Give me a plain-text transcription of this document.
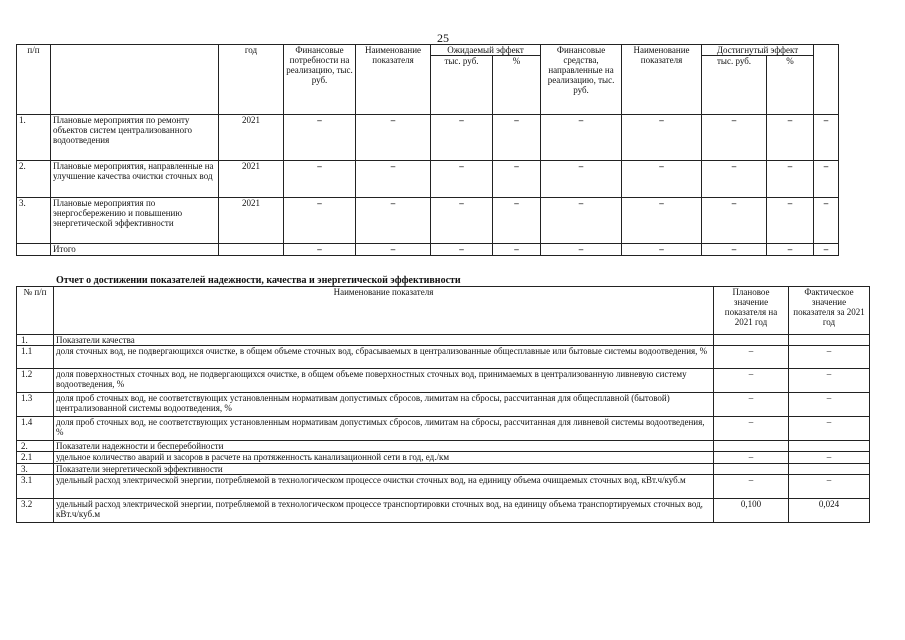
25
п/п		год	Финансовые потребности на реализацию, тыс. руб.	Наименование показателя	Ожидаемый эффект		Финансовые средства, направленные на реализацию, тыс. руб.	Наименование показателя	Достигнутый эффект		
					тыс. руб.	%			тыс. руб.	%	
1.	Плановые мероприятия по ремонту объектов систем централизованного водоотведения	2021	–	–	–	–	–	–	–	–	–
2.	Плановые мероприятия, направленные на улучшение качества очистки сточных вод	2021	–	–	–	–	–	–	–	–	–
3.	Плановые мероприятия по энергосбережению и повышению энергетической эффективности	2021	–	–	–	–	–	–	–	–	–
	Итого		–	–	–	–	–	–	–	–	–
Отчет о достижении показателей надежности, качества и энергетической эффективности
№ п/п	Наименование показателя	Плановое значение показателя на 2021 год	Фактическое значение показателя за 2021 год
1.	Показатели качества		
1.1	доля сточных вод, не подвергающихся очистке, в общем объеме сточных вод, сбрасываемых в централизованные общесплавные или бытовые системы водоотведения, %	–	–
1.2	доля поверхностных сточных вод, не подвергающихся очистке, в общем объеме поверхностных сточных вод, принимаемых в централизованную ливневую систему водоотведения, %	–	–
1.3	доля проб сточных вод, не соответствующих установленным нормативам допустимых сбросов, лимитам на сбросы, рассчитанная для общесплавной (бытовой) централизованной системы водоотведения, %	–	–
1.4	доля проб сточных вод, не соответствующих установленным нормативам допустимых сбросов, лимитам на сбросы, рассчитанная для ливневой системы водоотведения, %	–	–
2.	Показатели надежности и бесперебойности		
2.1	удельное количество аварий и засоров в расчете на протяженность канализационной сети в год, ед./км	–	–
3.	Показатели энергетической эффективности		
3.1	удельный расход электрической энергии, потребляемой в технологическом процессе очистки сточных вод, на единицу объема очищаемых сточных вод, кВт.ч/куб.м	–	–
3.2	удельный расход электрической энергии, потребляемой в технологическом процессе транспортировки сточных вод, на единицу объема транспортируемых сточных вод, кВт.ч/куб.м	0,100	0,024
